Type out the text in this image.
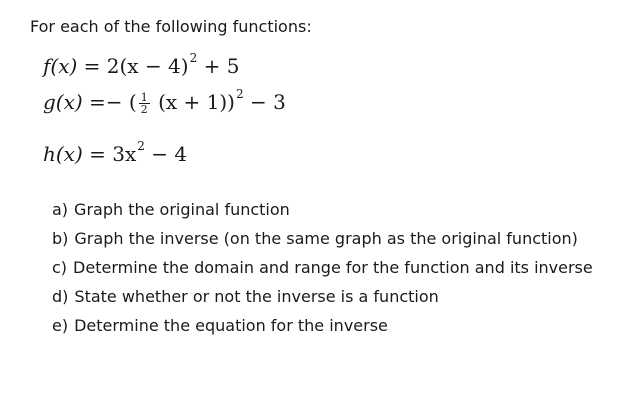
For each of the following functions:
$f(x) = 2(x - 4)^2 + 5$
g(x) =− ( $\frac{1}{2} (x + 1))^2 - 3$
$h(x) = 3x^2 - 4$
a) Graph the original function
b) Graph the inverse (on the same graph as the original function)
c) Determine the domain and range for the function and its inverse
d) State whether or not the inverse is a function
e) Determine the equation for the inverse
